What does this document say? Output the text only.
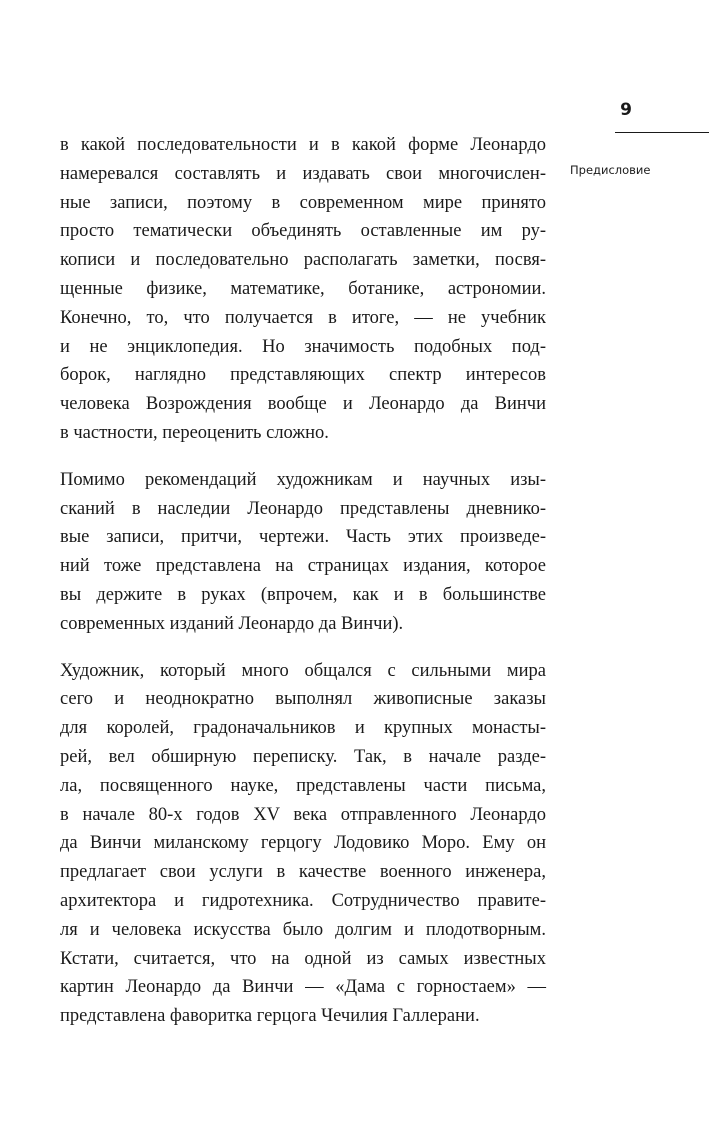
9
Предисловие

в какой последовательности и в какой форме Леонардо
намеревался составлять и издавать свои многочислен-
ные записи, поэтому в современном мире принято
просто тематически объединять оставленные им ру-
кописи и последовательно располагать заметки, посвя-
щенные физике, математике, ботанике, астрономии.
Конечно, то, что получается в итоге, — не учебник
и не энциклопедия. Но значимость подобных под-
борок, наглядно представляющих спектр интересов
человека Возрождения вообще и Леонардо да Винчи
в частности, переоценить сложно.

Помимо рекомендаций художникам и научных изы-
сканий в наследии Леонардо представлены дневнико-
вые записи, притчи, чертежи. Часть этих произведе-
ний тоже представлена на страницах издания, которое
вы держите в руках (впрочем, как и в большинстве
современных изданий Леонардо да Винчи).

Художник, который много общался с сильными мира
сего и неоднократно выполнял живописные заказы
для королей, градоначальников и крупных монасты-
рей, вел обширную переписку. Так, в начале разде-
ла, посвященного науке, представлены части письма,
в начале 80-х годов XV века отправленного Леонардо
да Винчи миланскому герцогу Лодовико Моро. Ему он
предлагает свои услуги в качестве военного инженера,
архитектора и гидротехника. Сотрудничество правите-
ля и человека искусства было долгим и плодотворным.
Кстати, считается, что на одной из самых известных
картин Леонардо да Винчи — «Дама с горностаем» —
представлена фаворитка герцога Чечилия Галлерани.
